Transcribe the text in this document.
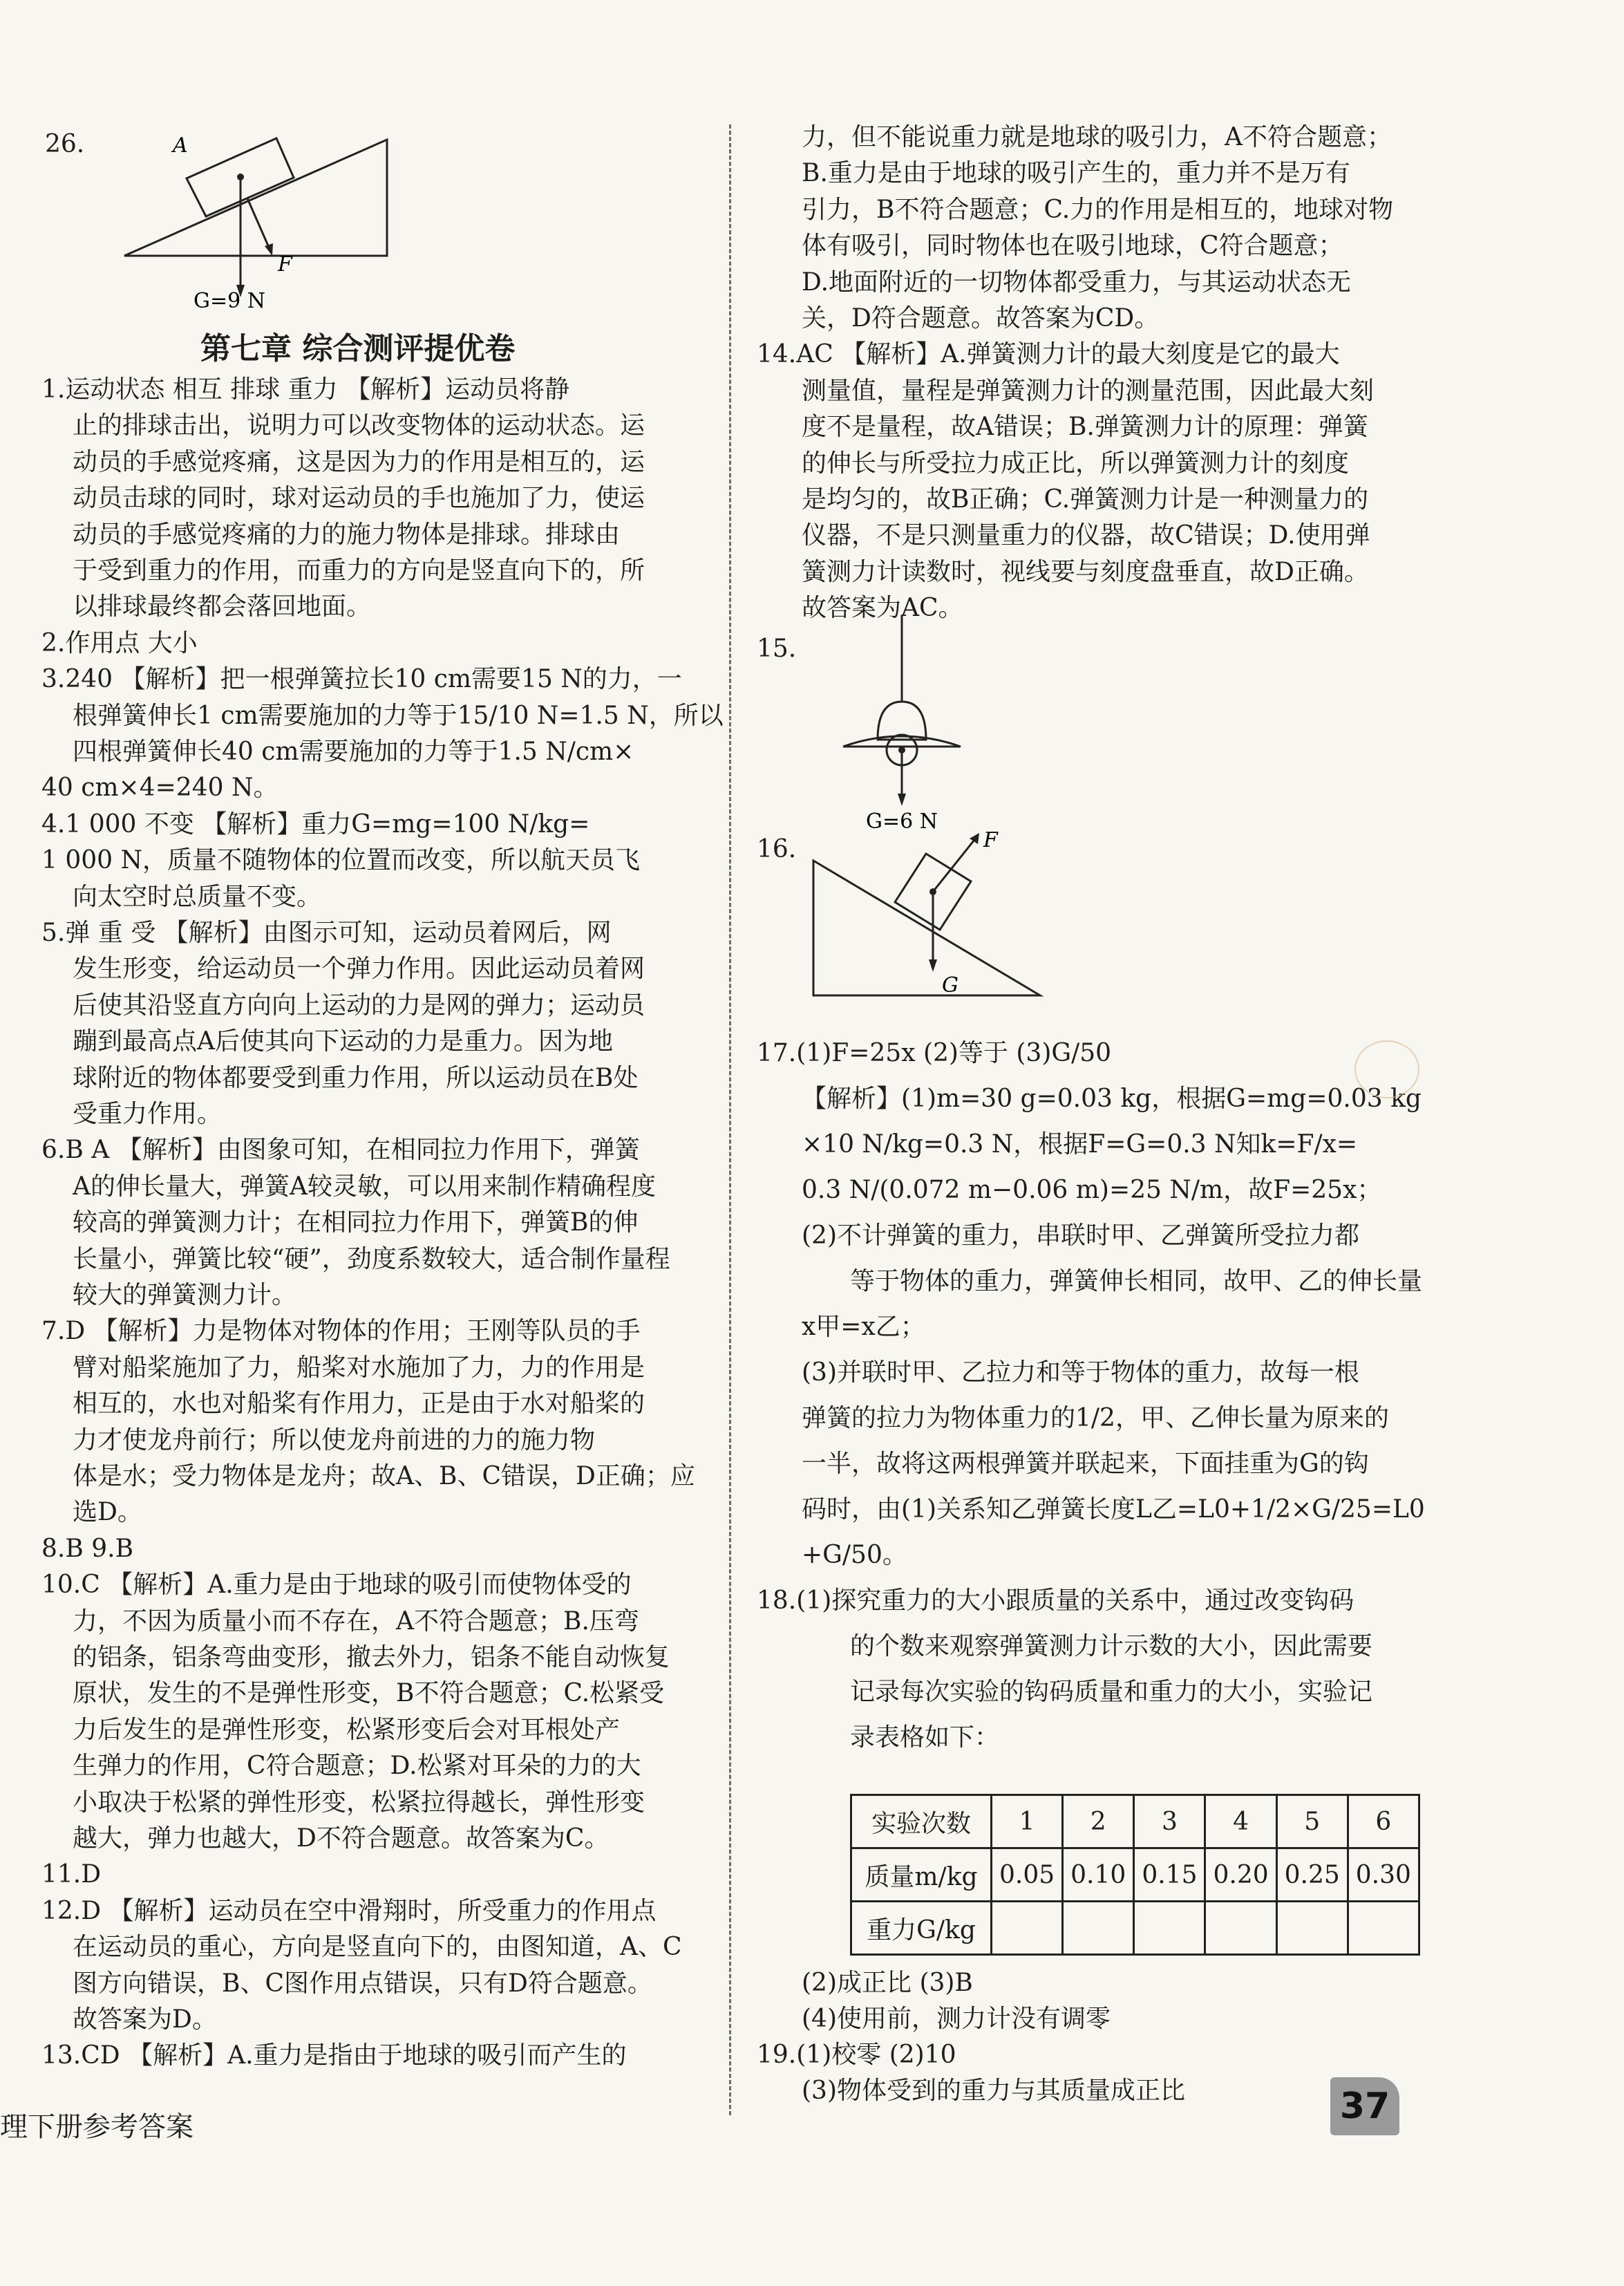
26.	A
F
G=9 N
第七章 综合测评提优卷
1.运动状态 相互 排球 重力 【解析】运动员将静
止的排球击出，说明力可以改变物体的运动状态。运
动员的手感觉疼痛，这是因为力的作用是相互的，运
动员击球的同时，球对运动员的手也施加了力，使运
动员的手感觉疼痛的力的施力物体是排球。排球由
于受到重力的作用，而重力的方向是竖直向下的，所
以排球最终都会落回地面。
2.作用点 大小
3.240 【解析】把一根弹簧拉长10 cm需要15 N的力，一
根弹簧伸长1 cm需要施加的力等于15/10 N=1.5 N，所以
四根弹簧伸长40 cm需要施加的力等于1.5 N/cm×
40 cm×4=240 N。
4.1 000 不变 【解析】重力G=mg=100 N/kg=
1 000 N，质量不随物体的位置而改变，所以航天员飞
向太空时总质量不变。
5.弹 重 受 【解析】由图示可知，运动员着网后，网
发生形变，给运动员一个弹力作用。因此运动员着网
后使其沿竖直方向向上运动的力是网的弹力；运动员
蹦到最高点A后使其向下运动的力是重力。因为地
球附近的物体都要受到重力作用，所以运动员在B处
受重力作用。
6.B A 【解析】由图象可知，在相同拉力作用下，弹簧
A的伸长量大，弹簧A较灵敏，可以用来制作精确程度
较高的弹簧测力计；在相同拉力作用下，弹簧B的伸
长量小，弹簧比较“硬”，劲度系数较大，适合制作量程
较大的弹簧测力计。
7.D 【解析】力是物体对物体的作用；王刚等队员的手
臂对船桨施加了力，船桨对水施加了力，力的作用是
相互的，水也对船桨有作用力，正是由于水对船桨的
力才使龙舟前行；所以使龙舟前进的力的施力物
体是水；受力物体是龙舟；故A、B、C错误，D正确；应
选D。
8.B 9.B
10.C 【解析】A.重力是由于地球的吸引而使物体受的
力，不因为质量小而不存在，A不符合题意；B.压弯
的铝条，铝条弯曲变形，撤去外力，铝条不能自动恢复
原状，发生的不是弹性形变，B不符合题意；C.松紧受
力后发生的是弹性形变，松紧形变后会对耳根处产
生弹力的作用，C符合题意；D.松紧对耳朵的力的大
小取决于松紧的弹性形变，松紧拉得越长，弹性形变
越大，弹力也越大，D不符合题意。故答案为C。
11.D
12.D 【解析】运动员在空中滑翔时，所受重力的作用点
在运动员的重心，方向是竖直向下的，由图知道，A、C
图方向错误，B、C图作用点错误，只有D符合题意。
故答案为D。
13.CD 【解析】A.重力是指由于地球的吸引而产生的
力，但不能说重力就是地球的吸引力，A不符合题意；
B.重力是由于地球的吸引产生的，重力并不是万有
引力，B不符合题意；C.力的作用是相互的，地球对物
体有吸引，同时物体也在吸引地球，C符合题意；
D.地面附近的一切物体都受重力，与其运动状态无
关，D符合题意。故答案为CD。
14.AC 【解析】A.弹簧测力计的最大刻度是它的最大
测量值，量程是弹簧测力计的测量范围，因此最大刻
度不是量程，故A错误；B.弹簧测力计的原理：弹簧
的伸长与所受拉力成正比，所以弹簧测力计的刻度
是均匀的，故B正确；C.弹簧测力计是一种测量力的
仪器，不是只测量重力的仪器，故C错误；D.使用弹
簧测力计读数时，视线要与刻度盘垂直，故D正确。
故答案为AC。
15.
G=6 N
16.	F
G
17.(1)F=25x (2)等于 (3)G/50
【解析】(1)m=30 g=0.03 kg，根据G=mg=0.03 kg
×10 N/kg=0.3 N，根据F=G=0.3 N知k=F/x=
0.3 N/(0.072 m−0.06 m)=25 N/m，故F=25x；
(2)不计弹簧的重力，串联时甲、乙弹簧所受拉力都
等于物体的重力，弹簧伸长相同，故甲、乙的伸长量
x甲=x乙；
(3)并联时甲、乙拉力和等于物体的重力，故每一根
弹簧的拉力为物体重力的1/2，甲、乙伸长量为原来的
一半，故将这两根弹簧并联起来，下面挂重为G的钩
码时，由(1)关系知乙弹簧长度L乙=L0+1/2×G/25=L0
+G/50。
18.(1)探究重力的大小跟质量的关系中，通过改变钩码
的个数来观察弹簧测力计示数的大小，因此需要
记录每次实验的钩码质量和重力的大小，实验记
录表格如下：
实验次数	1	2	3	4	5	6
质量m/kg	0.05	0.10	0.15	0.20	0.25	0.30
重力G/kg						
(2)成正比 (3)B
(4)使用前，测力计没有调零
19.(1)校零 (2)10
(3)物体受到的重力与其质量成正比
理下册参考答案	37
